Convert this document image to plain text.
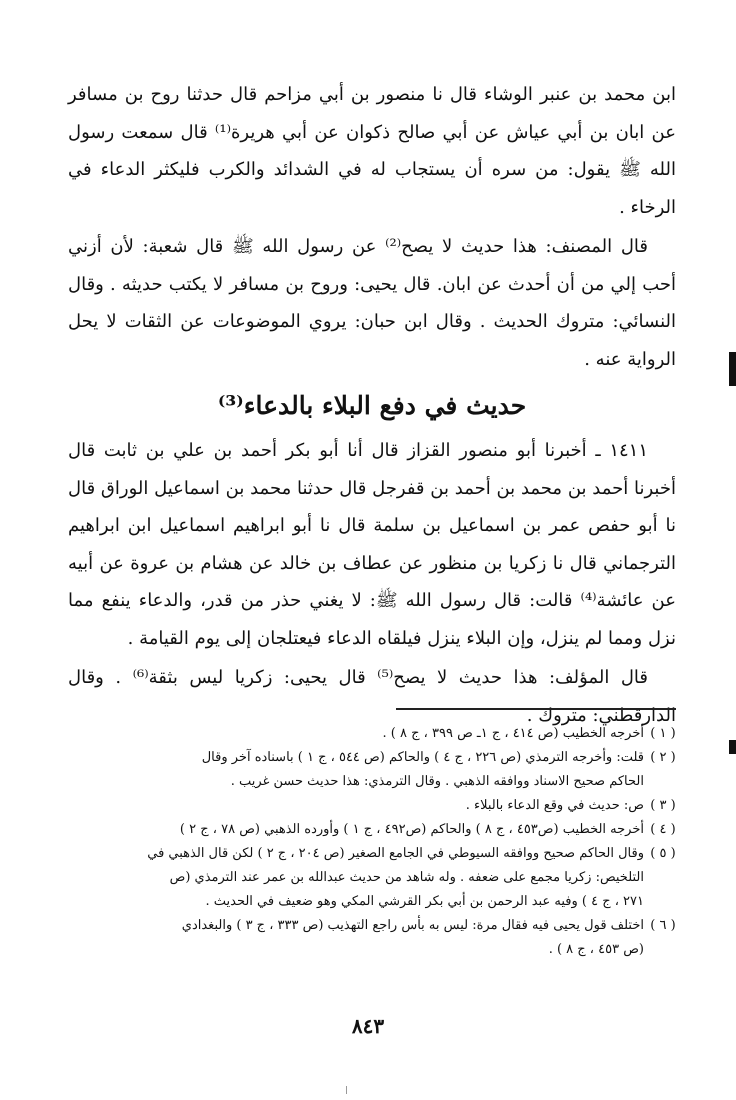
ابن محمد بن عنبر الوشاء قال نا منصور بن أبي مزاحم قال حدثنا روح بن مسافر عن ابان بن أبي عياش عن أبي صالح ذكوان عن أبي هريرة⁽¹⁾ قال سمعت رسول الله ﷺ يقول: من سره أن يستجاب له في الشدائد والكرب فليكثر الدعاء في الرخاء .

قال المصنف: هذا حديث لا يصح⁽²⁾ عن رسول الله ﷺ قال شعبة: لأن أزني أحب إلي من أن أحدث عن ابان. قال يحيى: وروح بن مسافر لا يكتب حديثه . وقال النسائي: متروك الحديث . وقال ابن حبان: يروي الموضوعات عن الثقات لا يحل الرواية عنه .

حديث في دفع البلاء بالدعاء⁽³⁾

١٤١١ ـ أخبرنا أبو منصور القزاز قال أنا أبو بكر أحمد بن علي بن ثابت قال أخبرنا أحمد بن محمد بن أحمد بن قفرجل قال حدثنا محمد بن اسماعيل الوراق قال نا أبو حفص عمر بن اسماعيل بن سلمة قال نا أبو ابراهيم اسماعيل ابن ابراهيم الترجماني قال نا زكريا بن منظور عن عطاف بن خالد عن هشام بن عروة عن أبيه عن عائشة⁽⁴⁾ قالت: قال رسول الله ﷺ: لا يغني حذر من قدر، والدعاء ينفع مما نزل ومما لم ينزل، وإن البلاء ينزل فيلقاه الدعاء فيعتلجان إلى يوم القيامة .

قال المؤلف: هذا حديث لا يصح⁽⁵⁾ قال يحيى: زكريا ليس بثقة⁽⁶⁾ . وقال الدارقطني: متروك .

( ١ )
أخرجه الخطيب (ص ٤١٤ ، ج ١ـ ص ٣٩٩ ، ج ٨ ) .
( ٢ )
قلت: وأخرجه الترمذي (ص ٢٢٦ ، ج ٤ ) والحاكم (ص ٥٤٤ ، ج ١ ) باسناده آخر وقال
الحاكم صحيح الاسناد ووافقه الذهبي . وقال الترمذي: هذا حديث حسن غريب .
( ٣ )
ص: حديث في وقع الدعاء بالبلاء .
( ٤ )
أخرجه الخطيب (ص٤٥٣ ، ج ٨ ) والحاكم (ص٤٩٢ ، ج ١ ) وأورده الذهبي (ص ٧٨ ، ج ٢ )
( ٥ )
وقال الحاكم صحيح ووافقه السيوطي في الجامع الصغير (ص ٢٠٤ ، ج ٢ ) لكن قال الذهبي في
التلخيص: زكريا مجمع على ضعفه . وله شاهد من حديث عبدالله بن عمر عند الترمذي (ص
٢٧١ ، ج ٤ ) وفيه عبد الرحمن بن أبي بكر القرشي المكي وهو ضعيف في الحديث .
( ٦ )
اختلف قول يحيى فيه فقال مرة: ليس به بأس راجع التهذيب (ص ٣٣٣ ، ج ٣ ) والبغدادي
(ص ٤٥٣ ، ج ٨ ) .
٨٤٣
